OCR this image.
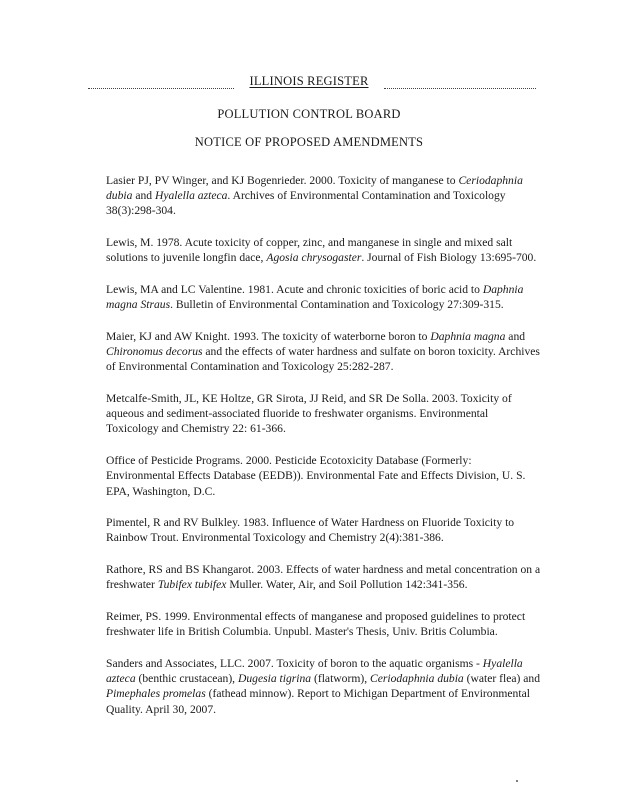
ILLINOIS REGISTER
POLLUTION CONTROL BOARD
NOTICE OF PROPOSED AMENDMENTS

Lasier PJ, PV Winger, and KJ Bogenrieder. 2000. Toxicity of manganese to Ceriodaphnia dubia and Hyalella azteca. Archives of Environmental Contamination and Toxicology 38(3):298-304.

Lewis, M. 1978. Acute toxicity of copper, zinc, and manganese in single and mixed salt solutions to juvenile longfin dace, Agosia chrysogaster. Journal of Fish Biology 13:695-700.

Lewis, MA and LC Valentine. 1981. Acute and chronic toxicities of boric acid to Daphnia magna Straus. Bulletin of Environmental Contamination and Toxicology 27:309-315.

Maier, KJ and AW Knight. 1993. The toxicity of waterborne boron to Daphnia magna and Chironomus decorus and the effects of water hardness and sulfate on boron toxicity. Archives of Environmental Contamination and Toxicology 25:282-287.

Metcalfe-Smith, JL, KE Holtze, GR Sirota, JJ Reid, and SR De Solla. 2003. Toxicity of aqueous and sediment-associated fluoride to freshwater organisms. Environmental Toxicology and Chemistry 22: 61-366.

Office of Pesticide Programs. 2000. Pesticide Ecotoxicity Database (Formerly: Environmental Effects Database (EEDB)). Environmental Fate and Effects Division, U. S. EPA, Washington, D.C.

Pimentel, R and RV Bulkley. 1983. Influence of Water Hardness on Fluoride Toxicity to Rainbow Trout. Environmental Toxicology and Chemistry 2(4):381-386.

Rathore, RS and BS Khangarot. 2003. Effects of water hardness and metal concentration on a freshwater Tubifex tubifex Muller. Water, Air, and Soil Pollution 142:341-356.

Reimer, PS. 1999. Environmental effects of manganese and proposed guidelines to protect freshwater life in British Columbia. Unpubl. Master's Thesis, Univ. Britis Columbia.

Sanders and Associates, LLC. 2007. Toxicity of boron to the aquatic organisms - Hyalella azteca (benthic crustacean), Dugesia tigrina (flatworm), Ceriodaphnia dubia (water flea) and Pimephales promelas (fathead minnow). Report to Michigan Department of Environmental Quality. April 30, 2007.
